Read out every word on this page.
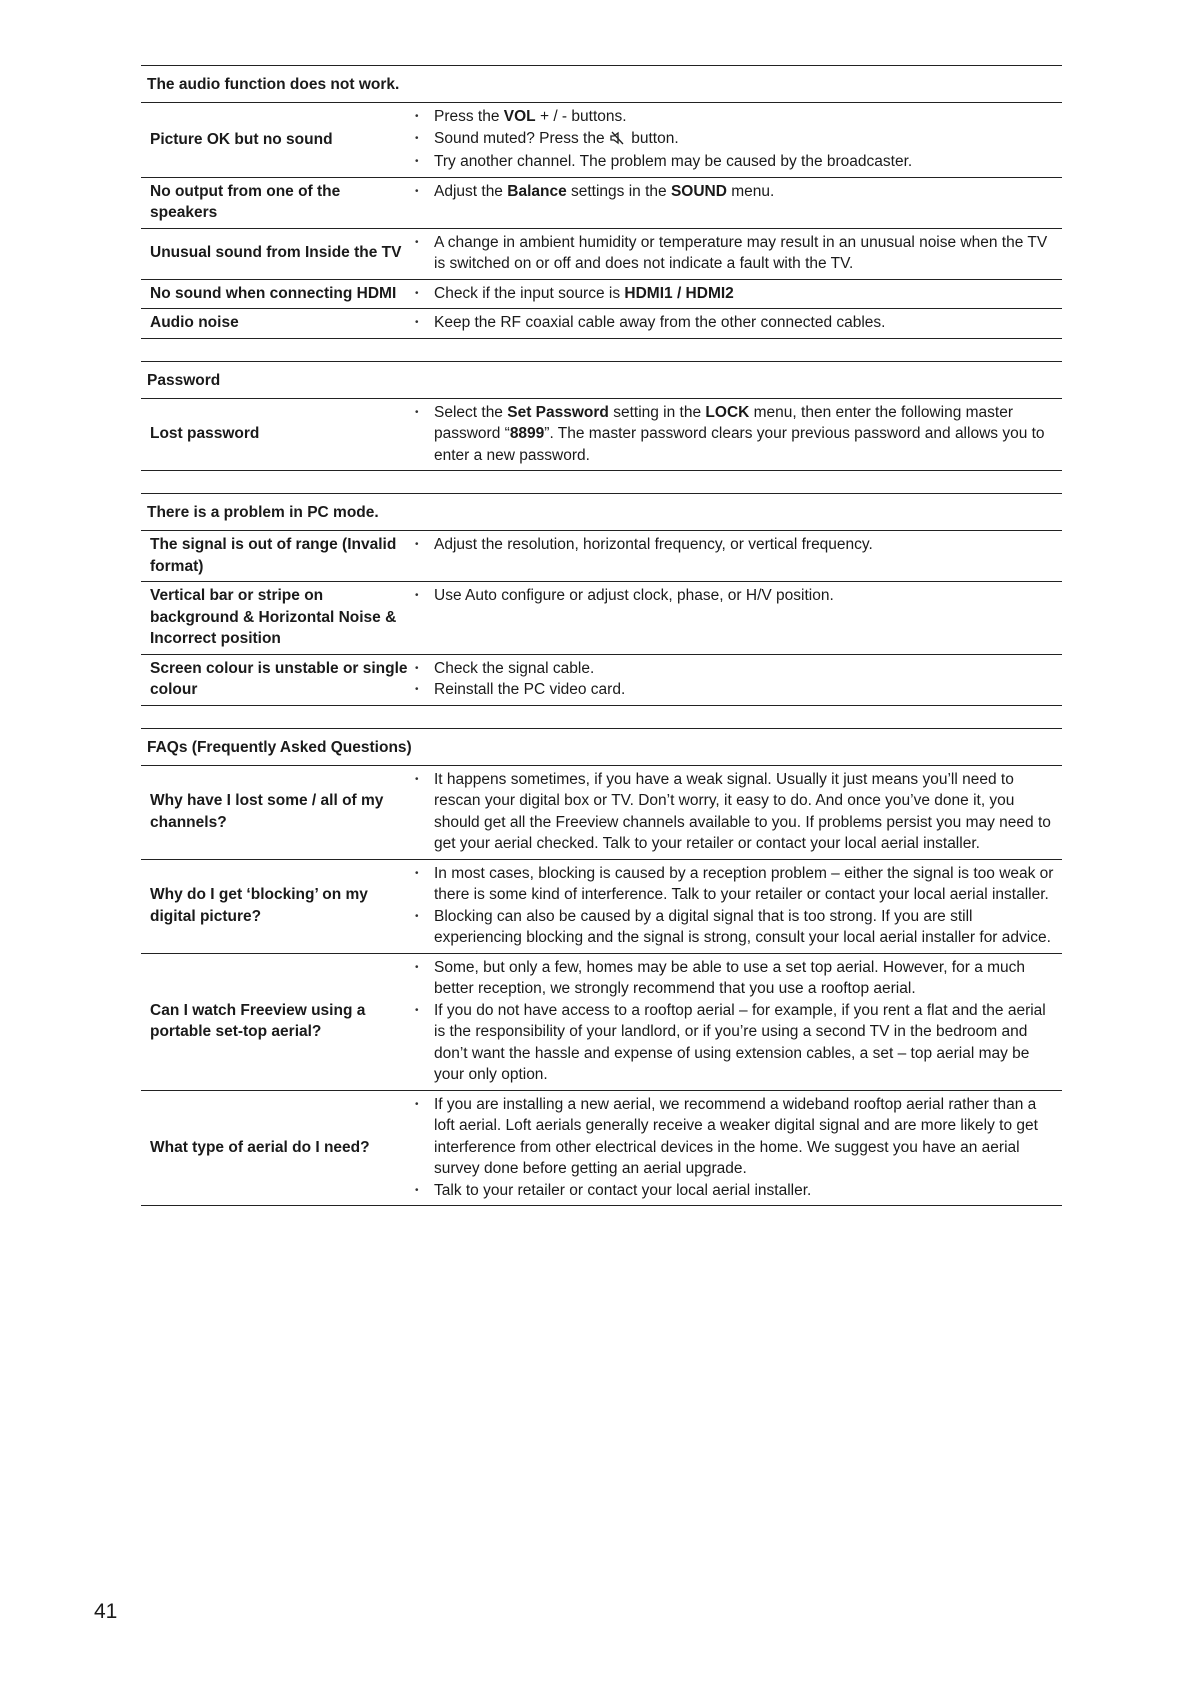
The audio function does not work.
Picture OK but no sound
• Press the VOL + / - buttons.
• Sound muted? Press the  button.
• Try another channel. The problem may be caused by the broadcaster.
No output from one of the speakers
• Adjust the Balance settings in the SOUND menu.
Unusual sound from Inside the TV
• A change in ambient humidity or temperature may result in an unusual noise when the TV is switched on or off and does not indicate a fault with the TV.
No sound when connecting HDMI	• Check if the input source is HDMI1 / HDMI2
Audio noise	• Keep the RF coaxial cable away from the other connected cables.
Password
Lost password
• Select the Set Password setting in the LOCK menu, then enter the following master password “8899”. The master password clears your previous password and allows you to enter a new password.
There is a problem in PC mode.
The signal is out of range (Invalid format)
• Adjust the resolution, horizontal frequency, or vertical frequency.
Vertical bar or stripe on background & Horizontal Noise & Incorrect position
• Use Auto configure or adjust clock, phase, or H/V position.
Screen colour is unstable or single colour
• Check the signal cable.
• Reinstall the PC video card.
FAQs (Frequently Asked Questions)
Why have I lost some / all of my channels?
• It happens sometimes, if you have a weak signal. Usually it just means you’ll need to rescan your digital box or TV. Don’t worry, it easy to do. And once you’ve done it, you should get all the Freeview channels available to you. If problems persist you may need to get your aerial checked. Talk to your retailer or contact your local aerial installer.
Why do I get ‘blocking’ on my digital picture?
• In most cases, blocking is caused by a reception problem – either the signal is too weak or there is some kind of interference. Talk to your retailer or contact your local aerial installer.
• Blocking can also be caused by a digital signal that is too strong. If you are still experiencing blocking and the signal is strong, consult your local aerial installer for advice.
Can I watch Freeview using a portable set-top aerial?
• Some, but only a few, homes may be able to use a set top aerial. However, for a much better reception, we strongly recommend that you use a rooftop aerial.
• If you do not have access to a rooftop aerial – for example, if you rent a flat and the aerial is the responsibility of your landlord, or if you’re using a second TV in the bedroom and don’t want the hassle and expense of using extension cables, a set – top aerial may be your only option.
What type of aerial do I need?
• If you are installing a new aerial, we recommend a wideband rooftop aerial rather than a loft aerial. Loft aerials generally receive a weaker digital signal and are more likely to get interference from other electrical devices in the home. We suggest you have an aerial survey done before getting an aerial upgrade.
• Talk to your retailer or contact your local aerial installer.
41
